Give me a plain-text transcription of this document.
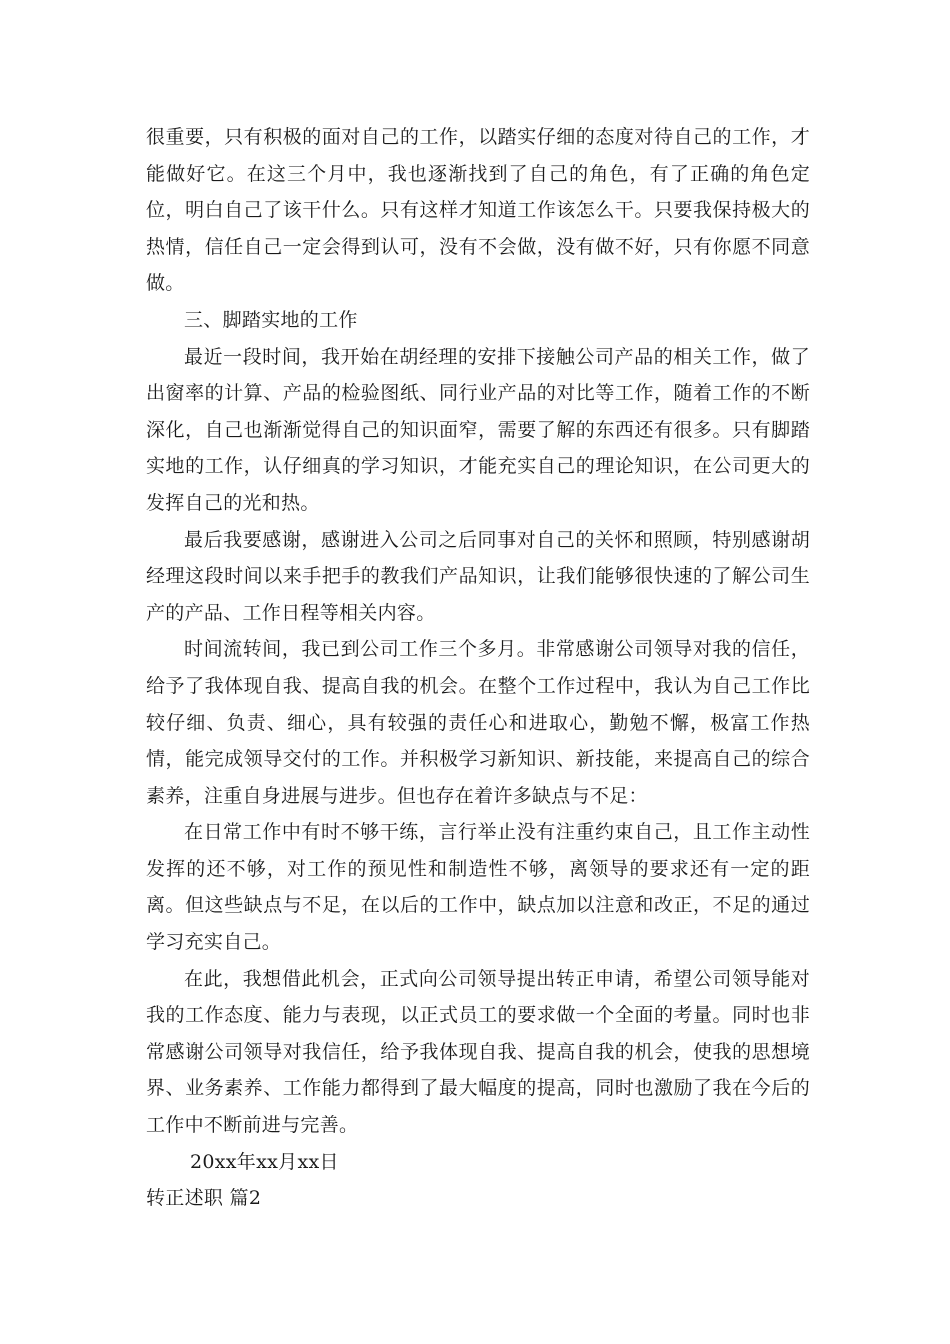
很重要，只有积极的面对自己的工作，以踏实仔细的态度对待自己的工作，才能做好它。在这三个月中，我也逐渐找到了自己的角色，有了正确的角色定位，明白自己了该干什么。只有这样才知道工作该怎么干。只要我保持极大的热情，信任自己一定会得到认可，没有不会做，没有做不好，只有你愿不同意做。

三、脚踏实地的工作

最近一段时间，我开始在胡经理的安排下接触公司产品的相关工作，做了出窗率的计算、产品的检验图纸、同行业产品的对比等工作，随着工作的不断深化，自己也渐渐觉得自己的知识面窄，需要了解的东西还有很多。只有脚踏实地的工作，认仔细真的学习知识，才能充实自己的理论知识，在公司更大的发挥自己的光和热。

最后我要感谢，感谢进入公司之后同事对自己的关怀和照顾，特别感谢胡经理这段时间以来手把手的教我们产品知识，让我们能够很快速的了解公司生产的产品、工作日程等相关内容。

时间流转间，我已到公司工作三个多月。非常感谢公司领导对我的信任，给予了我体现自我、提高自我的机会。在整个工作过程中，我认为自己工作比较仔细、负责、细心，具有较强的责任心和进取心，勤勉不懈，极富工作热情，能完成领导交付的工作。并积极学习新知识、新技能，来提高自己的综合素养，注重自身进展与进步。但也存在着许多缺点与不足：

在日常工作中有时不够干练，言行举止没有注重约束自己，且工作主动性发挥的还不够，对工作的预见性和制造性不够，离领导的要求还有一定的距离。但这些缺点与不足，在以后的工作中，缺点加以注意和改正，不足的通过学习充实自己。

在此，我想借此机会，正式向公司领导提出转正申请，希望公司领导能对我的工作态度、能力与表现，以正式员工的要求做一个全面的考量。同时也非常感谢公司领导对我信任，给予我体现自我、提高自我的机会，使我的思想境界、业务素养、工作能力都得到了最大幅度的提高，同时也激励了我在今后的工作中不断前进与完善。

20xx年xx月xx日

转正述职 篇2
